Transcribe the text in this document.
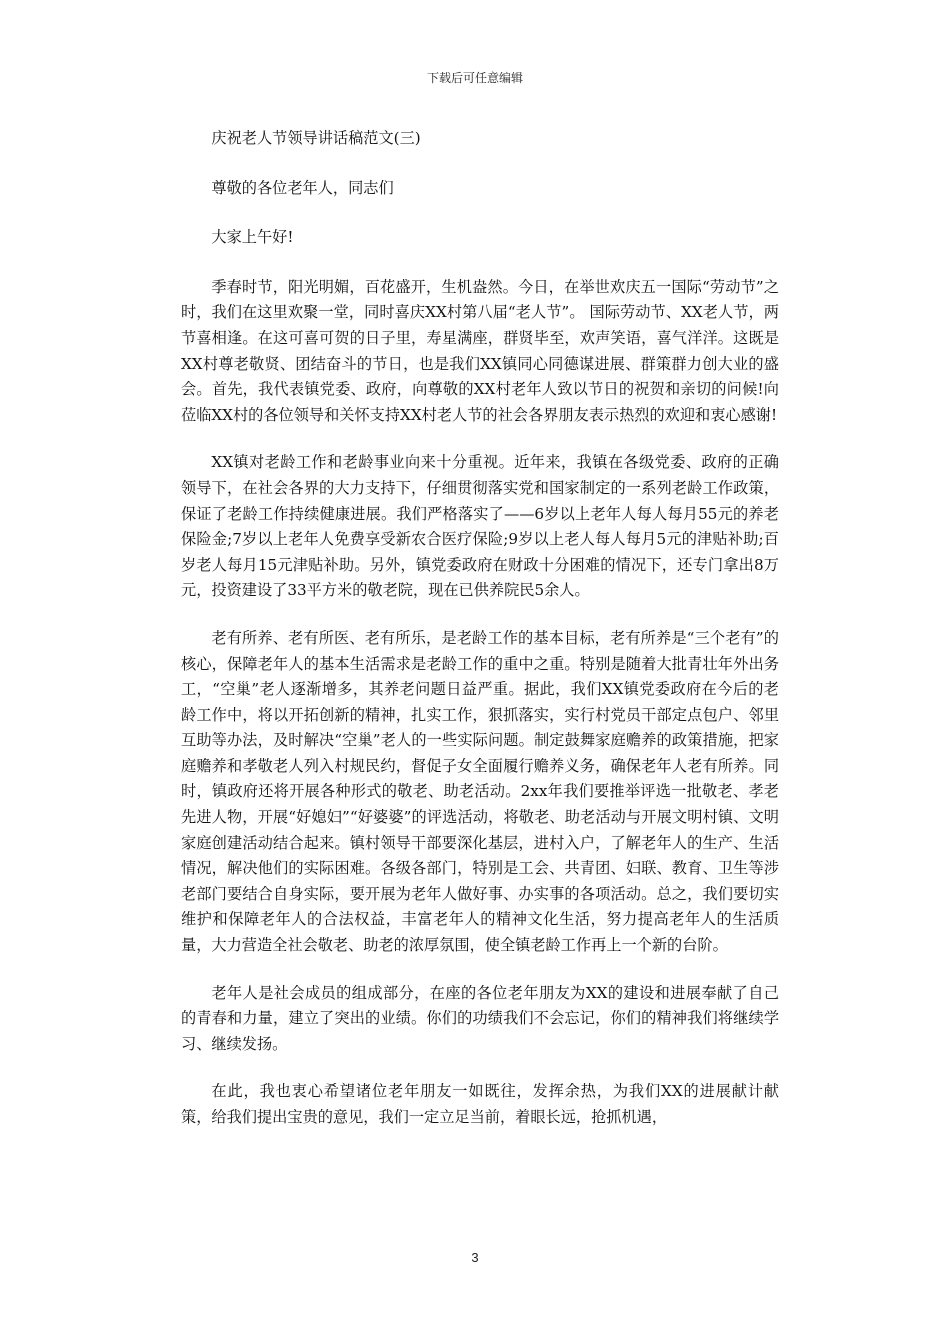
下载后可任意编辑

庆祝老人节领导讲话稿范文(三)

尊敬的各位老年人，同志们

大家上午好!

季春时节，阳光明媚，百花盛开，生机盎然。今日，在举世欢庆五一国际“劳动节”之时，我们在这里欢聚一堂，同时喜庆XX村第八届“老人节”。 国际劳动节、XX老人节，两节喜相逢。在这可喜可贺的日子里，寿星满座，群贤毕至，欢声笑语，喜气洋洋。这既是XX村尊老敬贤、团结奋斗的节日，也是我们XX镇同心同德谋进展、群策群力创大业的盛会。首先，我代表镇党委、政府，向尊敬的XX村老年人致以节日的祝贺和亲切的问候!向莅临XX村的各位领导和关怀支持XX村老人节的社会各界朋友表示热烈的欢迎和衷心感谢!

XX镇对老龄工作和老龄事业向来十分重视。近年来，我镇在各级党委、政府的正确领导下，在社会各界的大力支持下，仔细贯彻落实党和国家制定的一系列老龄工作政策，保证了老龄工作持续健康进展。我们严格落实了——6岁以上老年人每人每月55元的养老保险金;7岁以上老年人免费享受新农合医疗保险;9岁以上老人每人每月5元的津贴补助;百岁老人每月15元津贴补助。另外，镇党委政府在财政十分困难的情况下，还专门拿出8万元，投资建设了33平方米的敬老院，现在已供养院民5余人。

老有所养、老有所医、老有所乐，是老龄工作的基本目标，老有所养是“三个老有”的核心，保障老年人的基本生活需求是老龄工作的重中之重。特别是随着大批青壮年外出务工，“空巢”老人逐渐增多，其养老问题日益严重。据此，我们XX镇党委政府在今后的老龄工作中，将以开拓创新的精神，扎实工作，狠抓落实，实行村党员干部定点包户、邻里互助等办法，及时解决“空巢”老人的一些实际问题。制定鼓舞家庭赡养的政策措施，把家庭赡养和孝敬老人列入村规民约，督促子女全面履行赡养义务，确保老年人老有所养。同时，镇政府还将开展各种形式的敬老、助老活动。2xx年我们要推举评选一批敬老、孝老先进人物，开展“好媳妇”“好婆婆”的评选活动，将敬老、助老活动与开展文明村镇、文明家庭创建活动结合起来。镇村领导干部要深化基层，进村入户，了解老年人的生产、生活情况，解决他们的实际困难。各级各部门，特别是工会、共青团、妇联、教育、卫生等涉老部门要结合自身实际，要开展为老年人做好事、办实事的各项活动。总之，我们要切实维护和保障老年人的合法权益，丰富老年人的精神文化生活，努力提高老年人的生活质量，大力营造全社会敬老、助老的浓厚氛围，使全镇老龄工作再上一个新的台阶。

老年人是社会成员的组成部分，在座的各位老年朋友为XX的建设和进展奉献了自己的青春和力量，建立了突出的业绩。你们的功绩我们不会忘记，你们的精神我们将继续学习、继续发扬。

在此，我也衷心希望诸位老年朋友一如既往，发挥余热，为我们XX的进展献计献策，给我们提出宝贵的意见，我们一定立足当前，着眼长远，抢抓机遇，

3
